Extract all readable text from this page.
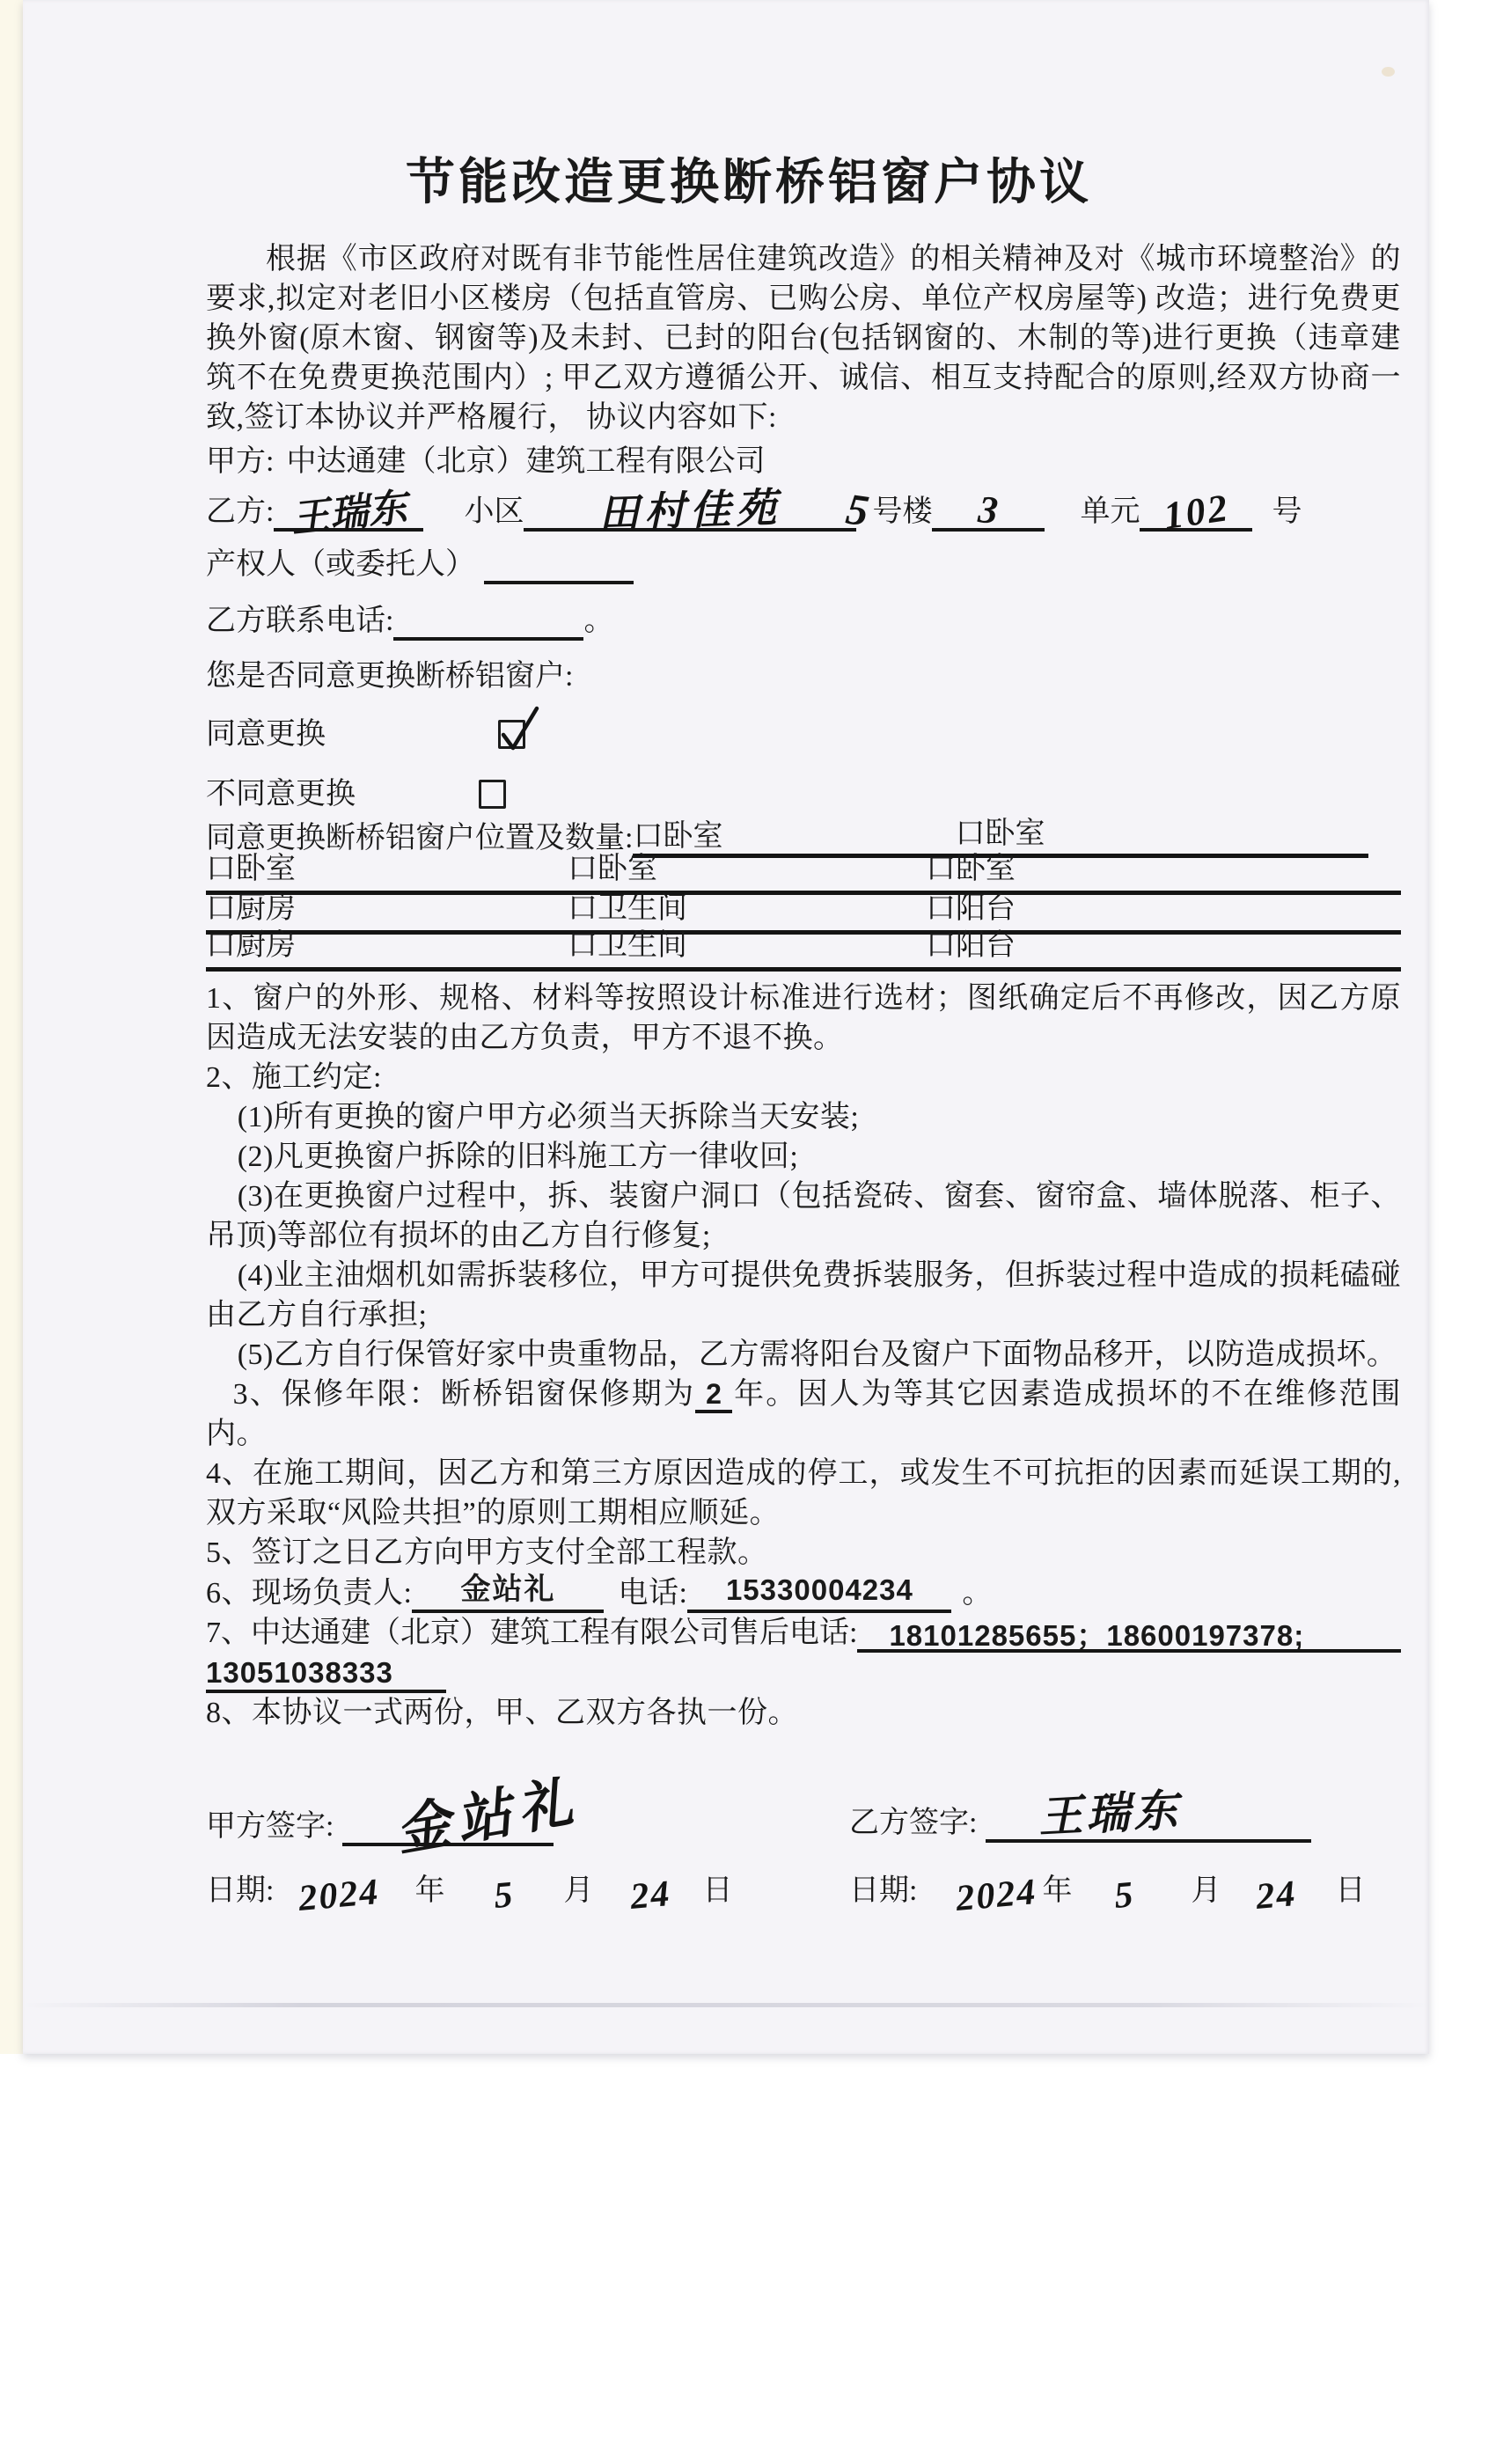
节能改造更换断桥铝窗户协议

根据《市区政府对既有非节能性居住建筑改造》的相关精神及对《城市环境整治》的要求,拟定对老旧小区楼房（包括直管房、已购公房、单位产权房屋等) 改造；进行免费更换外窗(原木窗、钢窗等)及未封、已封的阳台(包括钢窗的、木制的等)进行更换（违章建筑不在免费更换范围内）; 甲乙双方遵循公开、诚信、相互支持配合的原则,经双方协商一致,签订本协议并严格履行， 协议内容如下:

甲方: 中达通建（北京）建筑工程有限公司
乙方: 王瑞东 小区 田村佳苑 5 号楼 3	单元 102 号
产权人（或委托人）
乙方联系电话:	。
您是否同意更换断桥铝窗户:
同意更换
不同意更换
同意更换断桥铝窗户位置及数量: 口卧室	口卧室
口卧室	口卧室	口卧室
口厨房	口卫生间	口阳台
口厨房	口卫生间	口阳台

1、窗户的外形、规格、材料等按照设计标准进行选材；图纸确定后不再修改，因乙方原因造成无法安装的由乙方负责，甲方不退不换。

2、施工约定:

(1)所有更换的窗户甲方必须当天拆除当天安装;

(2)凡更换窗户拆除的旧料施工方一律收回;

(3)在更换窗户过程中，拆、装窗户洞口（包括瓷砖、窗套、窗帘盒、墙体脱落、柜子、吊顶)等部位有损坏的由乙方自行修复;

(4)业主油烟机如需拆装移位，甲方可提供免费拆装服务，但拆装过程中造成的损耗磕碰由乙方自行承担;

(5)乙方自行保管好家中贵重物品，乙方需将阳台及窗户下面物品移开，以防造成损坏。

3、保修年限：断桥铝窗保修期为 2 年。因人为等其它因素造成损坏的不在维修范围内。

4、在施工期间，因乙方和第三方原因造成的停工，或发生不可抗拒的因素而延误工期的,双方采取“风险共担”的原则工期相应顺延。

5、签订之日乙方向甲方支付全部工程款。

6、现场负责人: 金站礼 电话: 15330004234 。

7、中达通建（北京）建筑工程有限公司售后电话:	18101285655；18600197378;
13051038333

8、本协议一式两份，甲、乙双方各执一份。

甲方签字: 金站礼	乙方签字: 王瑞东
日期: 2024 年 5 月 24 日	日期: 2024 年 5 月 24 日
